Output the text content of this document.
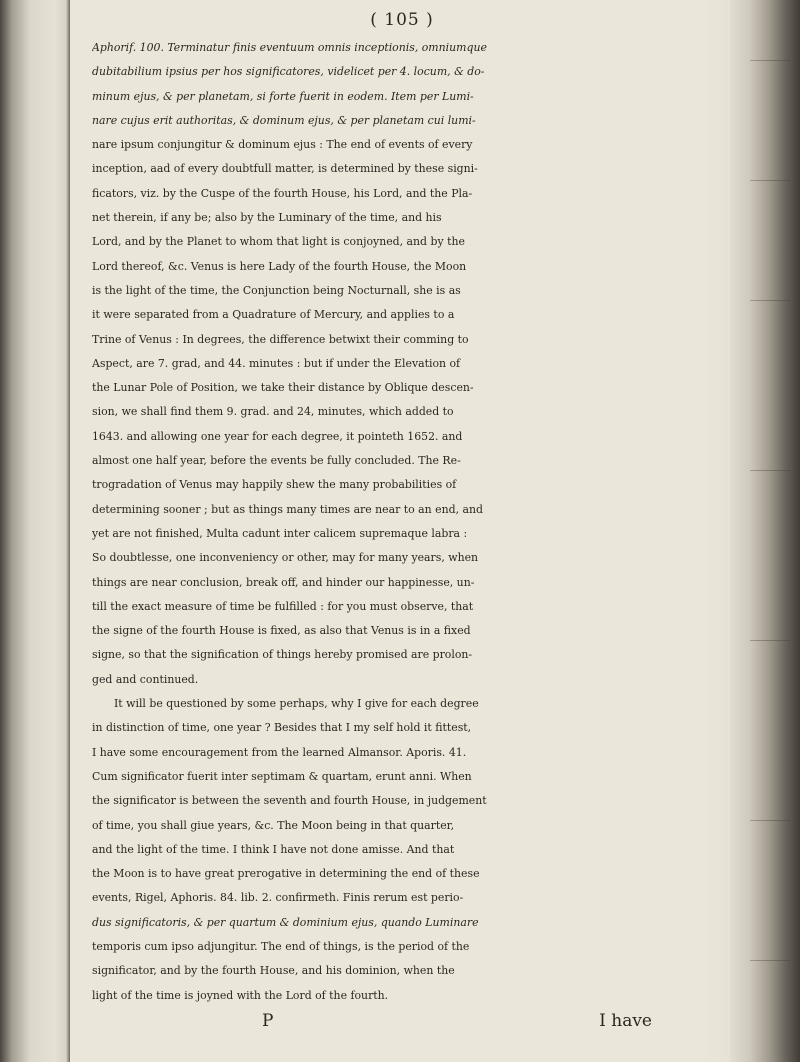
( 105 )
Aphorif. 100. Terminatur finis eventuum omnis inceptionis, omniumque
dubitabilium ipsius per hos significatores, videlicet per 4. locum, & do-
minum ejus, & per planetam, si forte fuerit in eodem. Item per Lumi-
nare cujus erit authoritas, & dominum ejus, & per planetam cui lumi-
nare ipsum conjungitur & dominum ejus : The end of events of every
inception, aad of every doubtfull matter, is determined by these signi-
ficators, viz. by the Cuspe of the fourth House, his Lord, and the Pla-
net therein, if any be; also by the Luminary of the time, and his
Lord, and by the Planet to whom that light is conjoyned, and by the
Lord thereof, &c. Venus is here Lady of the fourth House, the Moon
is the light of the time, the Conjunction being Nocturnall, she is as
it were separated from a Quadrature of Mercury, and applies to a
Trine of Venus : In degrees, the difference betwixt their comming to
Aspect, are 7. grad, and 44. minutes : but if under the Elevation of
the Lunar Pole of Position, we take their distance by Oblique descen-
sion, we shall find them 9. grad. and 24, minutes, which added to
1643. and allowing one year for each degree, it pointeth 1652. and
almost one half year, before the events be fully concluded. The Re-
trogradation of Venus may happily shew the many probabilities of
determining sooner ; but as things many times are near to an end, and
yet are not finished, Multa cadunt inter calicem supremaque labra :
So doubtlesse, one inconveniency or other, may for many years, when
things are near conclusion, break off, and hinder our happinesse, un-
till the exact measure of time be fulfilled : for you must observe, that
the signe of the fourth House is fixed, as also that Venus is in a fixed
signe, so that the signification of things hereby promised are prolon-
ged and continued.
It will be questioned by some perhaps, why I give for each degree
in distinction of time, one year ? Besides that I my self hold it fittest,
I have some encouragement from the learned Almansor. Aporis. 41.
Cum significator fuerit inter septimam & quartam, erunt anni. When
the significator is between the seventh and fourth House, in judgement
of time, you shall giue years, &c. The Moon being in that quarter,
and the light of the time. I think I have not done amisse. And that
the Moon is to have great prerogative in determining the end of these
events, Rigel, Aphoris. 84. lib. 2. confirmeth. Finis rerum est perio-
dus significatoris, & per quartum & dominium ejus, quando Luminare
temporis cum ipso adjungitur. The end of things, is the period of the
significator, and by the fourth House, and his dominion, when the
light of the time is joyned with the Lord of the fourth.
P	I have
